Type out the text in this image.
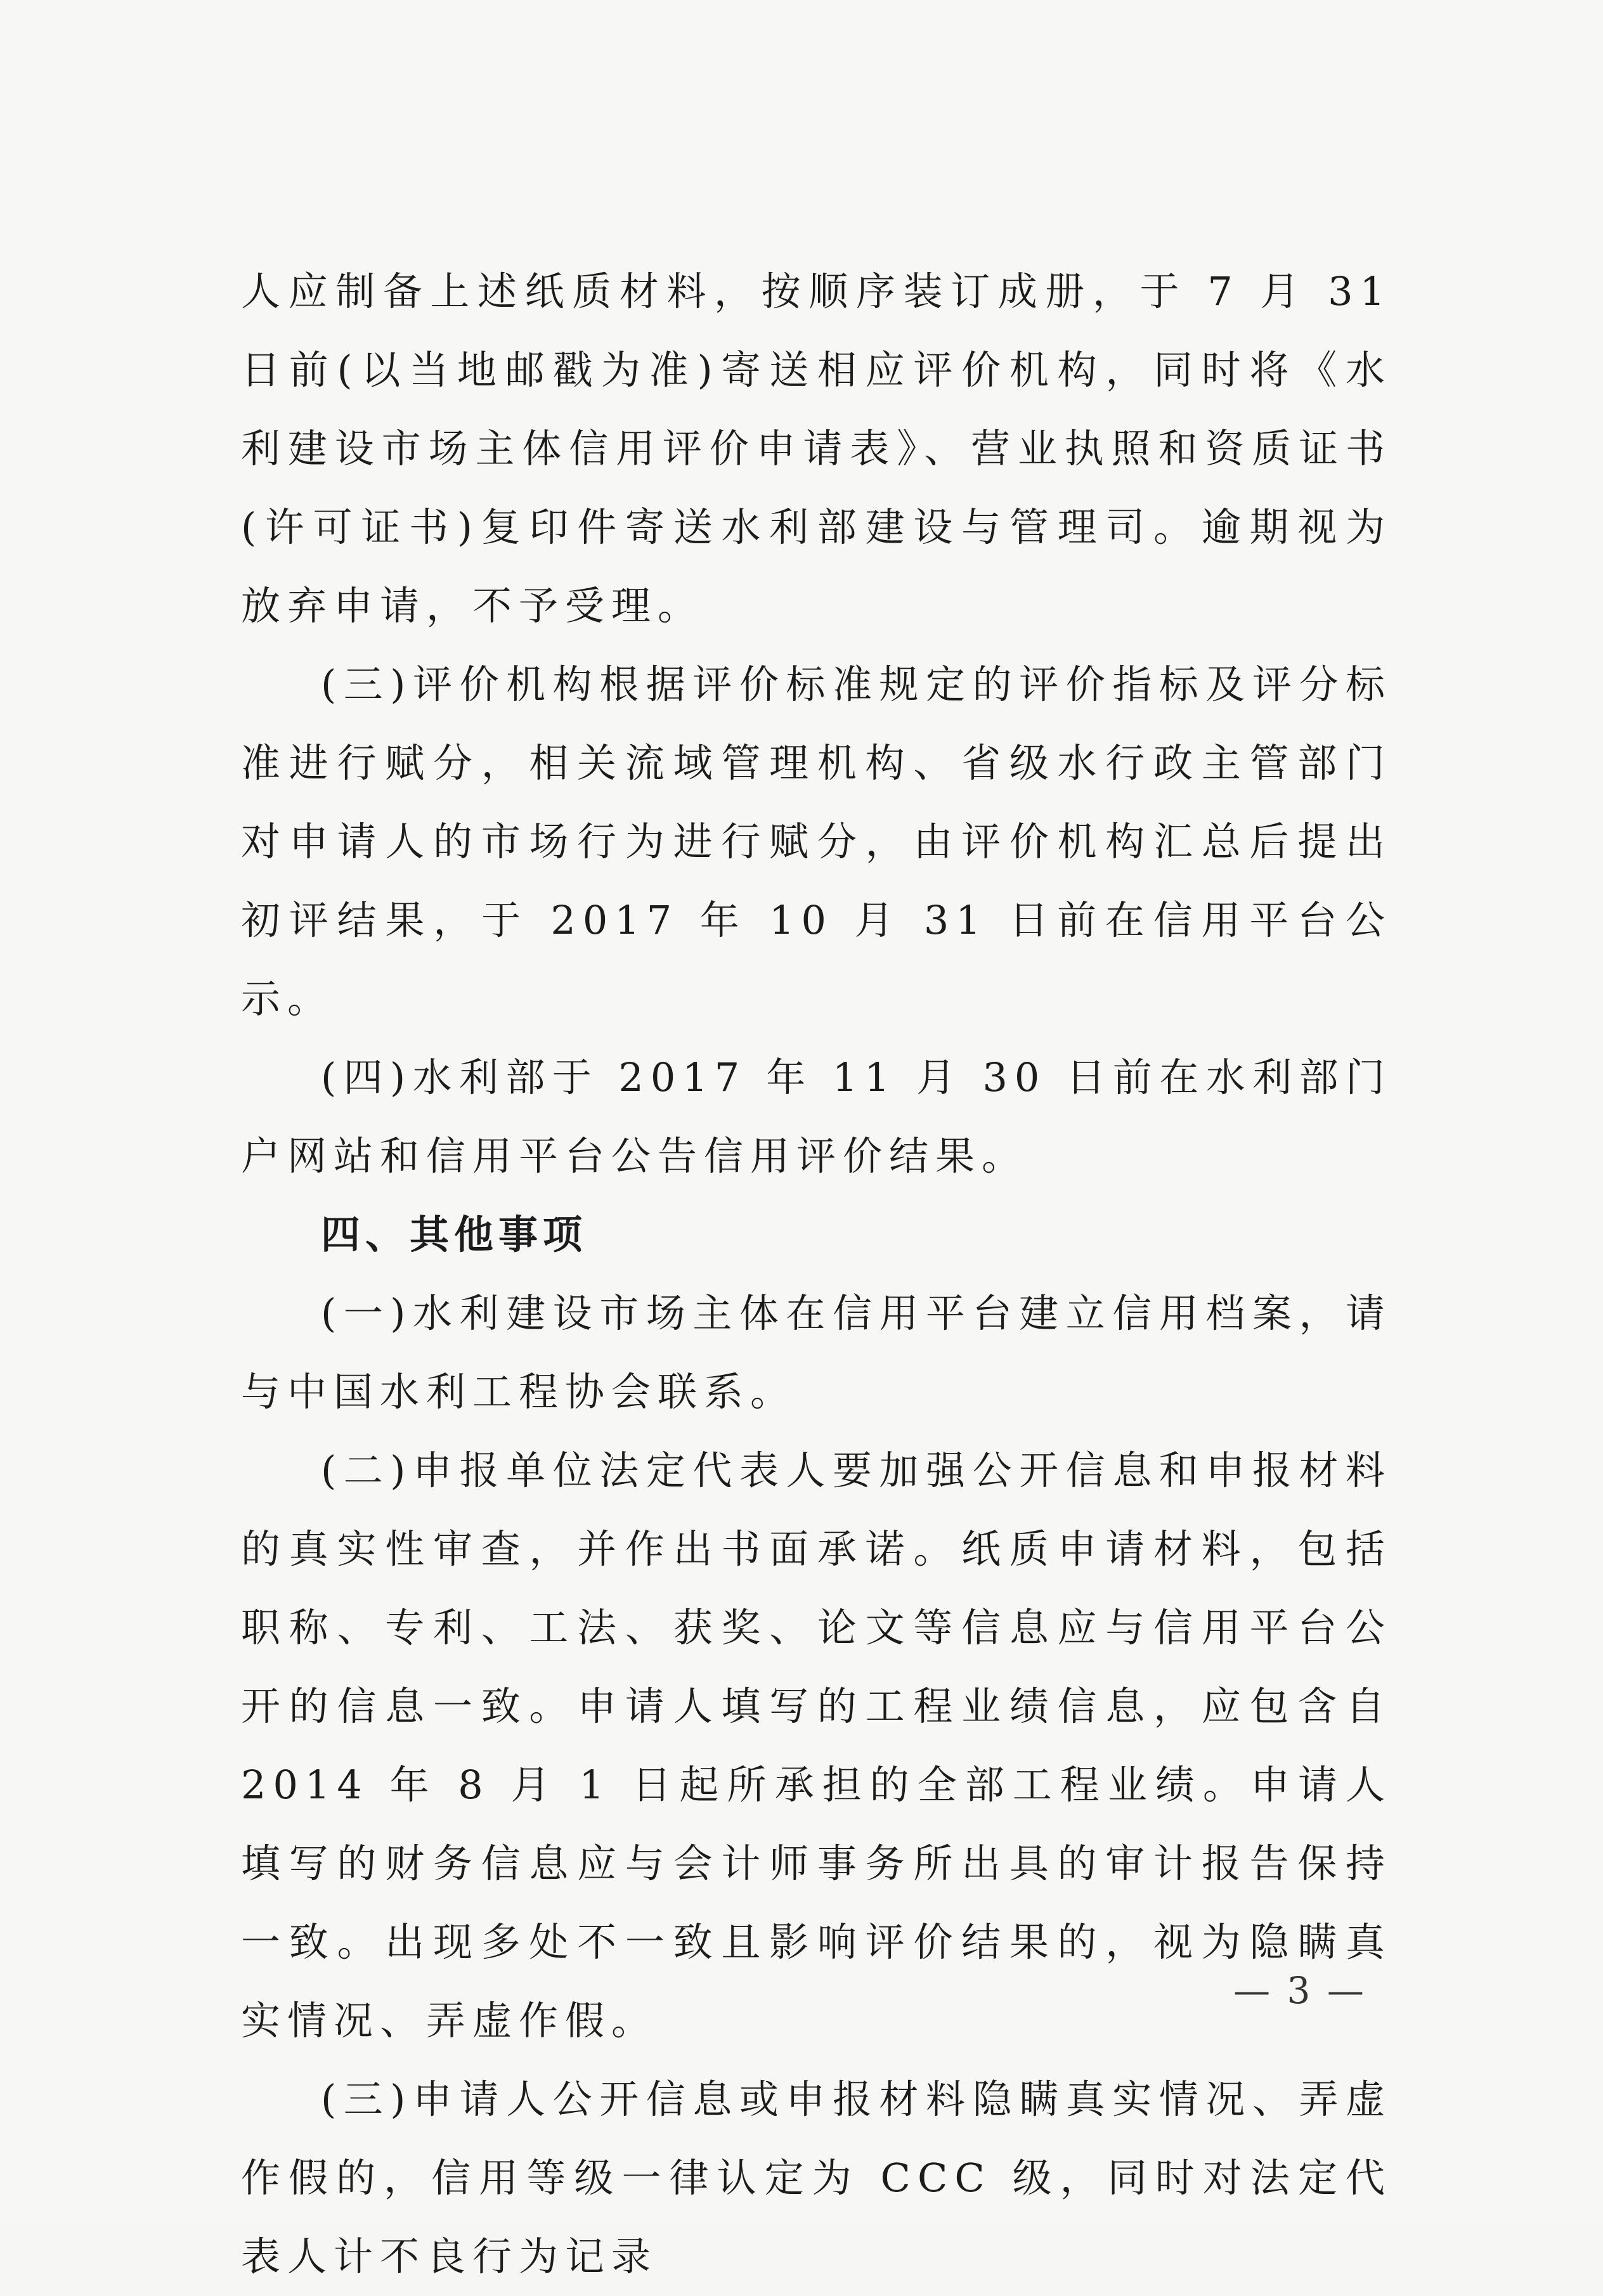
人应制备上述纸质材料，按顺序装订成册，于 7 月 31 日前(以当地邮戳为准)寄送相应评价机构，同时将《水利建设市场主体信用评价申请表》、营业执照和资质证书(许可证书)复印件寄送水利部建设与管理司。逾期视为放弃申请，不予受理。

(三)评价机构根据评价标准规定的评价指标及评分标准进行赋分，相关流域管理机构、省级水行政主管部门对申请人的市场行为进行赋分，由评价机构汇总后提出初评结果，于 2017 年 10 月 31 日前在信用平台公示。

(四)水利部于 2017 年 11 月 30 日前在水利部门户网站和信用平台公告信用评价结果。

四、其他事项

(一)水利建设市场主体在信用平台建立信用档案，请与中国水利工程协会联系。

(二)申报单位法定代表人要加强公开信息和申报材料的真实性审查，并作出书面承诺。纸质申请材料，包括职称、专利、工法、获奖、论文等信息应与信用平台公开的信息一致。申请人填写的工程业绩信息，应包含自 2014 年 8 月 1 日起所承担的全部工程业绩。申请人填写的财务信息应与会计师事务所出具的审计报告保持一致。出现多处不一致且影响评价结果的，视为隐瞒真实情况、弄虚作假。

(三)申请人公开信息或申报材料隐瞒真实情况、弄虚作假的，信用等级一律认定为 CCC 级，同时对法定代表人计不良行为记录

— 3 —
